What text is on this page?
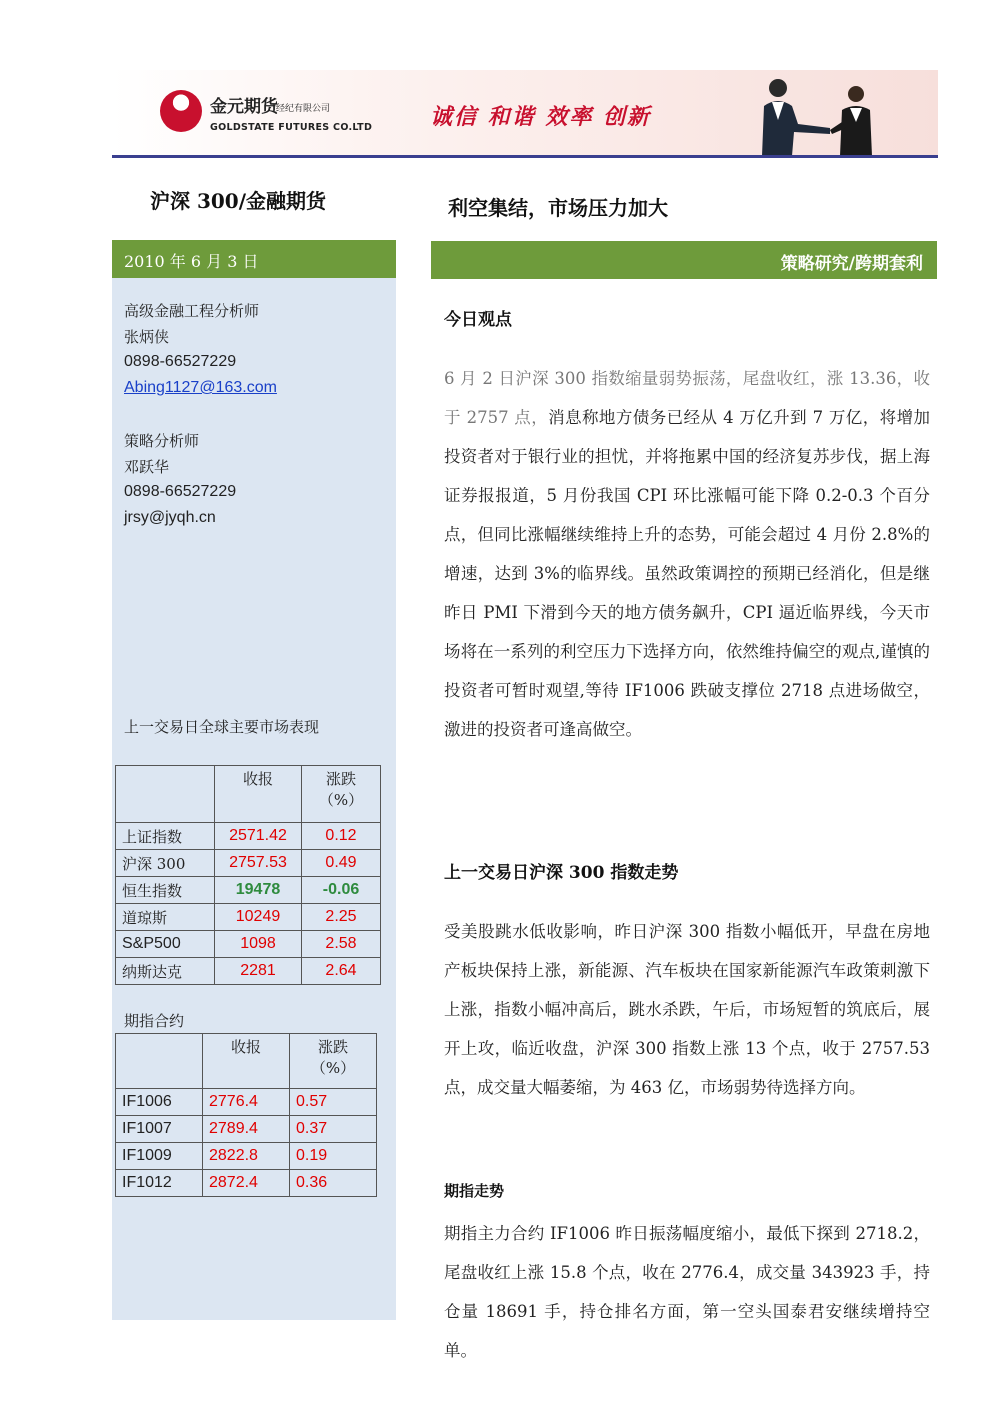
金元期货
经纪有限公司
GOLDSTATE FUTURES CO.LTD	诚信 和谐 效率 创新
沪深 300/金融期货	利空集结，市场压力加大
2010 年 6 月 3 日	策略研究/跨期套利
高级金融工程分析师
张炳侠
0898-66527229
Abing1127@163.com
策略分析师
邓跃华
0898-66527229
jrsy@jyqh.cn
上一交易日全球主要市场表现
	收报	涨跌
（%）

上证指数	2571.42	0.12
沪深 300	2757.53	0.49
恒生指数	19478	-0.06
道琼斯	10249	2.25
S&P500	1098	2.58
纳斯达克	2281	2.64
期指合约
	收报	涨跌
（%）

IF1006	2776.4	0.57
IF1007	2789.4	0.37
IF1009	2822.8	0.19
IF1012	2872.4	0.36
今日观点

6 月 2 日沪深 300 指数缩量弱势振荡，尾盘收红，涨 13.36，收于 2757 点，消息称地方债务已经从 4 万亿升到 7 万亿，将增加投资者对于银行业的担忧，并将拖累中国的经济复苏步伐，据上海证券报报道，5 月份我国 CPI 环比涨幅可能下降 0.2-0.3 个百分点，但同比涨幅继续维持上升的态势，可能会超过 4 月份 2.8%的增速，达到 3%的临界线。虽然政策调控的预期已经消化，但是继昨日 PMI 下滑到今天的地方债务飙升，CPI 逼近临界线，今天市场将在一系列的利空压力下选择方向，依然维持偏空的观点,谨慎的投资者可暂时观望,等待 IF1006 跌破支撑位 2718 点进场做空，激进的投资者可逢高做空。

上一交易日沪深 300 指数走势

受美股跳水低收影响，昨日沪深 300 指数小幅低开，早盘在房地产板块保持上涨，新能源、汽车板块在国家新能源汽车政策刺激下上涨，指数小幅冲高后，跳水杀跌，午后，市场短暂的筑底后，展开上攻，临近收盘，沪深 300 指数上涨 13 个点，收于 2757.53 点，成交量大幅萎缩，为 463 亿，市场弱势待选择方向。

期指走势

期指主力合约 IF1006 昨日振荡幅度缩小，最低下探到 2718.2，尾盘收红上涨 15.8 个点，收在 2776.4，成交量 343923 手，持仓量 18691 手，持仓排名方面，第一空头国泰君安继续增持空单。
